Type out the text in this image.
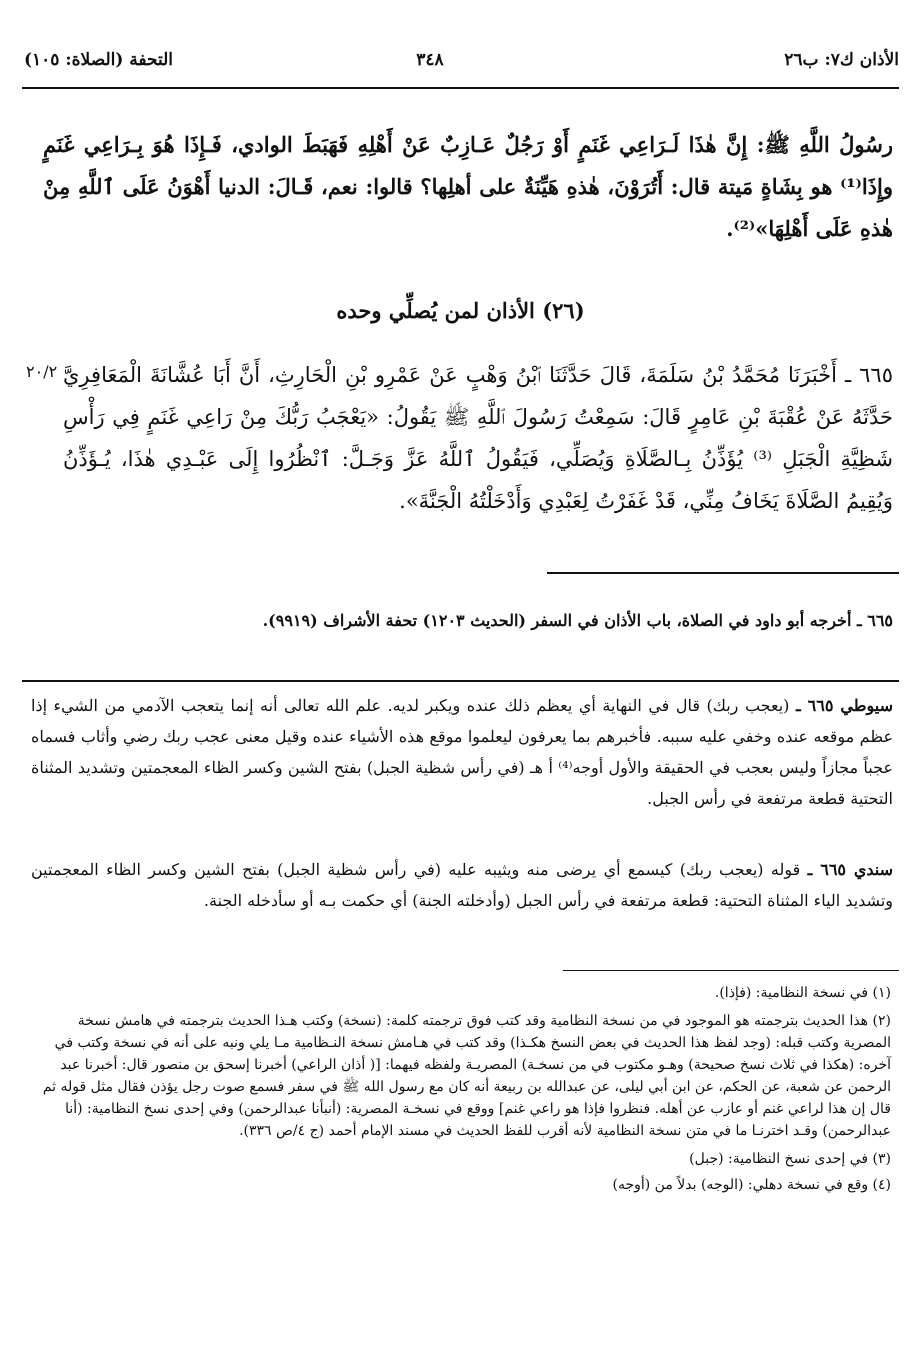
الأذان ك٧: ب٢٦
٣٤٨
التحفة (الصلاة: ١٠٥)
رسُولُ اللَّهِ ﷺ: إِنَّ هٰذَا لَـرَاعِي غَنَمٍ أَوْ رَجُلٌ عَـازِبٌ عَنْ أَهْلِهِ فَهَبَطَ الوادي، فَـإِذَا هُوَ بِـرَاعِي غَنَمٍ وإِذَا⁽¹⁾ هو بِشَاةٍ مَيتة قال: أَتُرَوْنَ، هٰذهِ هَيِّنَةٌ على أهلِها؟ قالوا: نعم، قَـالَ: الدنيا أَهْوَنُ عَلَى ٱللَّهِ مِنْ هٰذهِ عَلَى أَهْلِهَا»⁽²⁾.
(٢٦) الأذان لمن يُصلِّي وحده
٢٠/٢ ٦٦٥ ـ أَخْبَرَنَا مُحَمَّدُ بْنُ سَلَمَةَ، قَالَ حَدَّثَنَا ٱبْنُ وَهْبٍ عَنْ عَمْرِو بْنِ الْحَارِثِ، أَنَّ أَبَا عُشَّانَةَ الْمَعَافِرِيَّ حَدَّثَهُ عَنْ عُقْبَةَ بْنِ عَامِرٍ قَالَ: سَمِعْتُ رَسُولَ ٱللَّهِ ﷺ يَقُولُ: «يَعْجَبُ رَبُّكَ مِنْ رَاعِي غَنَمٍ فِي رَأْسِ شَظِيَّةِ الْجَبَلِ ⁽³⁾ يُؤَذِّنُ بِـالصَّلَاةِ وَيُصَلِّي، فَيَقُولُ ٱللَّهُ عَزَّ وَجَـلَّ: ٱنْظُرُوا إِلَى عَبْـدِي هٰذَا، يُـؤَذِّنُ وَيُقِيمُ الصَّلَاةَ يَخَافُ مِنِّي، قَدْ غَفَرْتُ لِعَبْدِي وَأَدْخَلْتُهُ الْجَنَّةَ».
٦٦٥ ـ أخرجه أبو داود في الصلاة، باب الأذان في السفر (الحديث ١٢٠٣) تحفة الأشراف (٩٩١٩).
سيوطي ٦٦٥ ـ (يعجب ربك) قال في النهاية أي يعظم ذلك عنده ويكبر لديه. علم الله تعالى أنه إنما يتعجب الآدمي من الشيء إذا عظم موقعه عنده وخفي عليه سببه. فأخبرهم بما يعرفون ليعلموا موقع هذه الأشياء عنده وقيل معنى عجب ربك رضي وأثاب فسماه عجباً مجازاً وليس بعجب في الحقيقة والأول أوجه⁽⁴⁾ أ هـ (في رأس شظية الجبل) بفتح الشين وكسر الظاء المعجمتين وتشديد المثناة التحتية قطعة مرتفعة في رأس الجبل.
سندي ٦٦٥ ـ قوله (يعجب ربك) كيسمع أي يرضى منه ويثيبه عليه (في رأس شظية الجبل) بفتح الشين وكسر الظاء المعجمتين وتشديد الياء المثناة التحتية: قطعة مرتفعة في رأس الجبل (وأدخلته الجنة) أي حكمت بـه أو سأدخله الجنة.
(١) في نسخة النظامية: (فإذا).
(٢) هذا الحديث بترجمته هو الموجود في من نسخة النظامية وقد كتب فوق ترجمته كلمة: (نسخة) وكتب هـذا الحديث بترجمته في هامش نسخة المصرية وكتب قبله: (وجد لفظ هذا الحديث في بعض النسخ هكـذا) وقد كتب في هـامش نسخة النـظامية مـا يلي ونبه على أنه في نسخة وكتب في آخره: (هكذا في ثلاث نسخ صحيحة) وهـو مكتوب في من نسخـة) المصريـة ولفظه فيهما: [( أذان الراعي) أخبرنا إسحق بن منصور قال: أخبرنا عبد الرحمن عن شعبة، عن الحكم، عن ابن أبي ليلى، عن عبدالله بن ربيعة أنه كان مع رسول الله ﷺ في سفر فسمع صوت رجل يؤذن فقال مثل قوله ثم قال إن هذا لراعي غنم أو عازب عن أهله. فنظروا فإذا هو راعي غنم] ووقع في نسخـة المصرية: (أنبأنا عبدالرحمن) وفي إحدى نسخ النظامية: (أنا عبدالرحمن) وقـد اخترنـا ما في متن نسخة النظامية لأنه أقرب للفظ الحديث في مسند الإمام أحمد (ج ٤/ص ٣٣٦).
(٣) في إحدى نسخ النظامية: (جبل)
(٤) وقع في نسخة دهلي: (الوجه) بدلاً من (أوجه)
